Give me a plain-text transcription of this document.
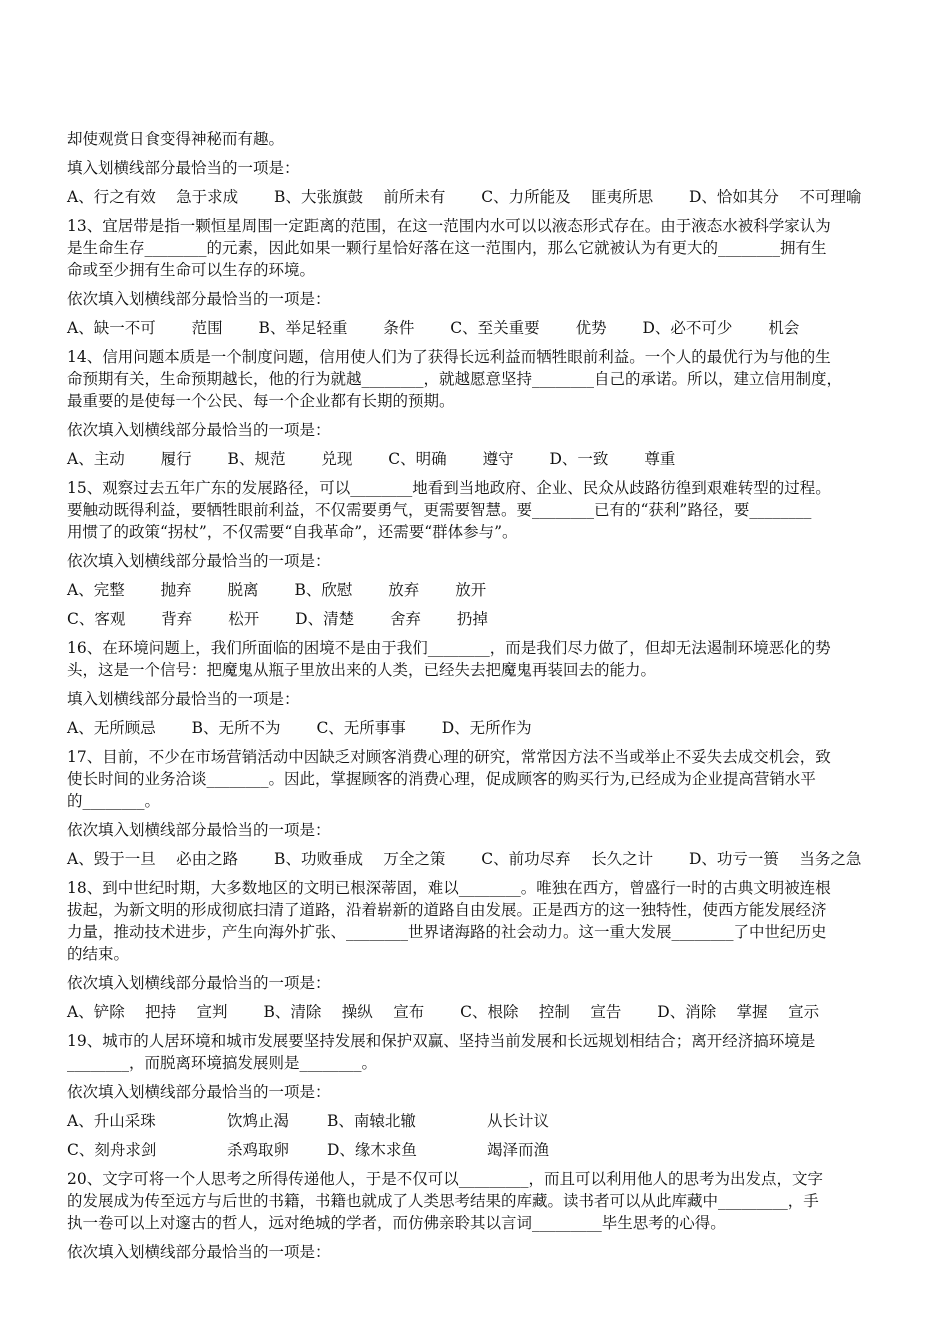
却使观赏日食变得神秘而有趣。
填入划横线部分最恰当的一项是：
A、行之有效　 急于求成　　 B、大张旗鼓　 前所未有　　 C、力所能及　 匪夷所思　　 D、恰如其分　 不可理喻
13、宜居带是指一颗恒星周围一定距离的范围，在这一范围内水可以以液态形式存在。由于液态水被科学家认为
是生命生存________的元素，因此如果一颗行星恰好落在这一范围内，那么它就被认为有更大的________拥有生
命或至少拥有生命可以生存的环境。
依次填入划横线部分最恰当的一项是：
A、缺一不可　　 范围　　 B、举足轻重　　 条件　　 C、至关重要　　 优势　　 D、必不可少　　 机会
14、信用问题本质是一个制度问题，信用使人们为了获得长远利益而牺牲眼前利益。一个人的最优行为与他的生
命预期有关，生命预期越长，他的行为就越________，就越愿意坚持________自己的承诺。所以，建立信用制度，
最重要的是使每一个公民、每一个企业都有长期的预期。
依次填入划横线部分最恰当的一项是：
A、主动　　 履行　　 B、规范　　 兑现　　 C、明确　　 遵守　　 D、一致　　 尊重
15、观察过去五年广东的发展路径，可以________地看到当地政府、企业、民众从歧路彷徨到艰难转型的过程。
要触动既得利益，要牺牲眼前利益，不仅需要勇气，更需要智慧。要________已有的“获利”路径，要________
用惯了的政策“拐杖”，不仅需要“自我革命”，还需要“群体参与”。
依次填入划横线部分最恰当的一项是：
A、完整　　 抛弃　　 脱离　　 B、欣慰　　 放弃　　 放开
C、客观　　 背弃　　 松开　　 D、清楚　　 舍弃　　 扔掉
16、在环境问题上，我们所面临的困境不是由于我们________，而是我们尽力做了，但却无法遏制环境恶化的势
头，这是一个信号：把魔鬼从瓶子里放出来的人类，已经失去把魔鬼再装回去的能力。
填入划横线部分最恰当的一项是：
A、无所顾忌　　 B、无所不为　　 C、无所事事　　 D、无所作为
17、目前，不少在市场营销活动中因缺乏对顾客消费心理的研究，常常因方法不当或举止不妥失去成交机会，致
使长时间的业务洽谈________。因此，掌握顾客的消费心理，促成顾客的购买行为,已经成为企业提高营销水平
的________。
依次填入划横线部分最恰当的一项是：
A、毁于一旦　 必由之路　　 B、功败垂成　 万全之策　　 C、前功尽弃　 长久之计　　 D、功亏一篑　 当务之急
18、到中世纪时期，大多数地区的文明已根深蒂固，难以________。唯独在西方，曾盛行一时的古典文明被连根
拔起，为新文明的形成彻底扫清了道路，沿着崭新的道路自由发展。正是西方的这一独特性，使西方能发展经济
力量，推动技术进步，产生向海外扩张、________世界诸海路的社会动力。这一重大发展________了中世纪历史
的结束。
依次填入划横线部分最恰当的一项是：
A、铲除　 把持　 宣判　　 B、清除　 操纵　 宣布　　 C、根除　 控制　 宣告　　 D、消除　 掌握　 宣示
19、城市的人居环境和城市发展要坚持发展和保护双赢、坚持当前发展和长远规划相结合；离开经济搞环境是
________，而脱离环境搞发展则是________。
依次填入划横线部分最恰当的一项是：
A、升山采珠	饮鸩止渴	B、南辕北辙	从长计议
C、刻舟求剑	杀鸡取卵	D、缘木求鱼	竭泽而渔
20、文字可将一个人思考之所得传递他人，于是不仅可以_________，而且可以利用他人的思考为出发点，文字
的发展成为传至远方与后世的书籍，书籍也就成了人类思考结果的库藏。读书者可以从此库藏中_________，手
执一卷可以上对邃古的哲人，远对绝城的学者，而仿佛亲聆其以言词_________毕生思考的心得。
依次填入划横线部分最恰当的一项是：
